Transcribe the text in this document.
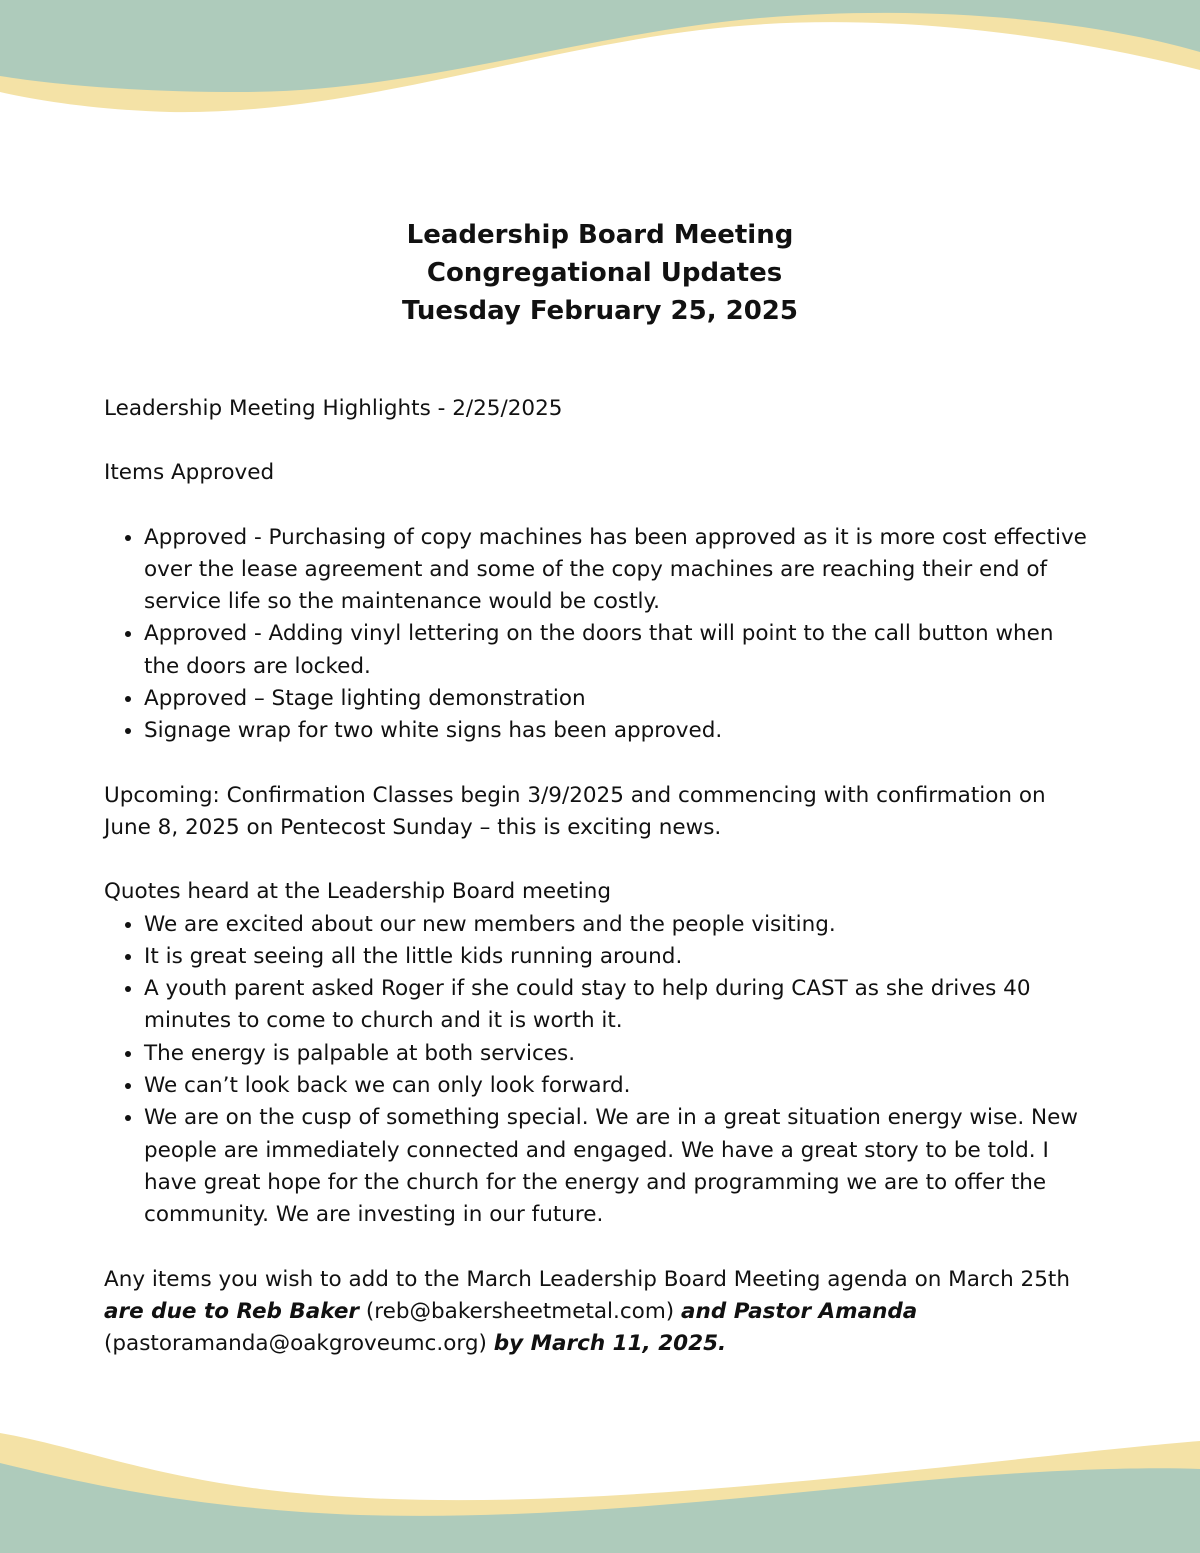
Leadership Board Meeting
Congregational Updates
Tuesday February 25, 2025

Leadership Meeting Highlights - 2/25/2025

Items Approved

• Approved - Purchasing of copy machines has been approved as it is more cost effective over the lease agreement and some of the copy machines are reaching their end of service life so the maintenance would be costly.
• Approved - Adding vinyl lettering on the doors that will point to the call button when the doors are locked.
• Approved – Stage lighting demonstration
• Signage wrap for two white signs has been approved.

Upcoming: Confirmation Classes begin 3/9/2025 and commencing with confirmation on June 8, 2025 on Pentecost Sunday – this is exciting news.

Quotes heard at the Leadership Board meeting

• We are excited about our new members and the people visiting.
• It is great seeing all the little kids running around.
• A youth parent asked Roger if she could stay to help during CAST as she drives 40 minutes to come to church and it is worth it.
• The energy is palpable at both services.
• We can’t look back we can only look forward.
• We are on the cusp of something special. We are in a great situation energy wise. New people are immediately connected and engaged. We have a great story to be told. I have great hope for the church for the energy and programming we are to offer the community. We are investing in our future.

Any items you wish to add to the March Leadership Board Meeting agenda on March 25th are due to Reb Baker (reb@bakersheetmetal.com) and Pastor Amanda (pastoramanda@oakgroveumc.org) by March 11, 2025.
